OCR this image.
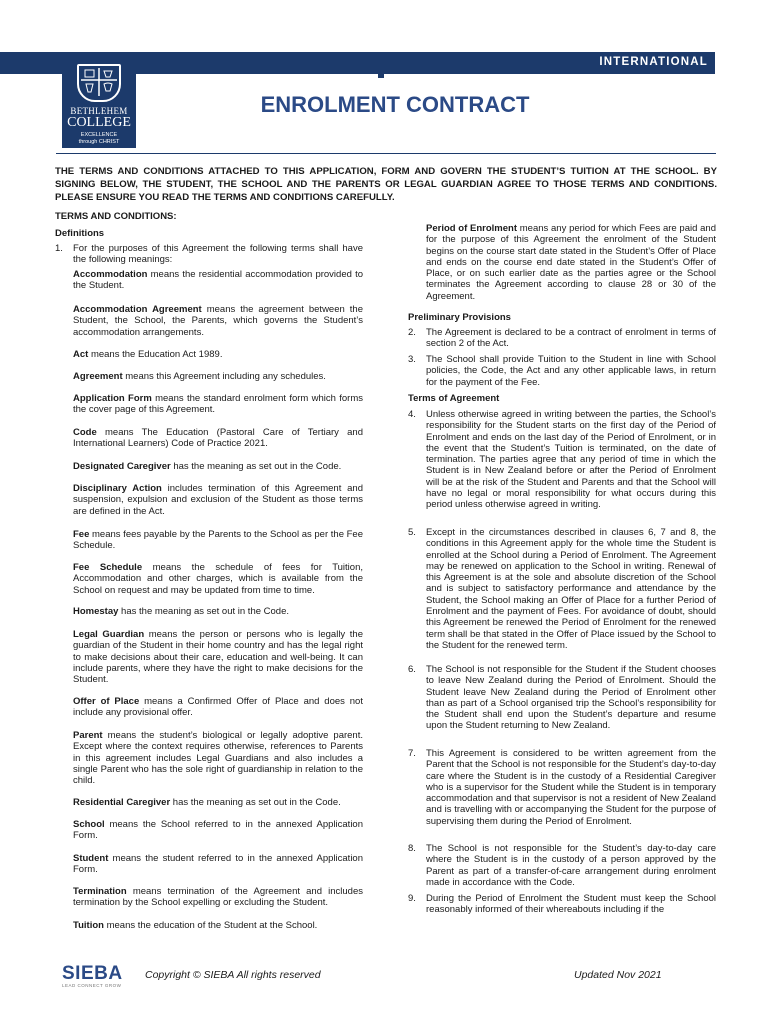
INTERNATIONAL
BETHLEHEM
COLLEGE
EXCELLENCE
through CHRIST
ENROLMENT CONTRACT
THE TERMS AND CONDITIONS ATTACHED TO THIS APPLICATION, FORM AND GOVERN THE STUDENT’S TUITION AT THE SCHOOL. BY SIGNING BELOW, THE STUDENT, THE SCHOOL AND THE PARENTS OR LEGAL GUARDIAN AGREE TO THOSE TERMS AND CONDITIONS. PLEASE ENSURE YOU READ THE TERMS AND CONDITIONS CAREFULLY.
TERMS AND CONDITIONS:
Definitions
1.	For the purposes of this Agreement the following terms shall have the following meanings:

Accommodation means the residential accommodation provided to the Student.

Accommodation Agreement means the agreement between the Student, the School, the Parents, which governs the Student’s accommodation arrangements.

Act means the Education Act 1989.

Agreement means this Agreement including any schedules.

Application Form means the standard enrolment form which forms the cover page of this Agreement.

Code means The Education (Pastoral Care of Tertiary and International Learners) Code of Practice 2021.

Designated Caregiver has the meaning as set out in the Code.

Disciplinary Action includes termination of this Agreement and suspension, expulsion and exclusion of the Student as those terms are defined in the Act.

Fee means fees payable by the Parents to the School as per the Fee Schedule.

Fee Schedule means the schedule of fees for Tuition, Accommodation and other charges, which is available from the School on request and may be updated from time to time.

Homestay has the meaning as set out in the Code.

Legal Guardian means the person or persons who is legally the guardian of the Student in their home country and has the legal right to make decisions about their care, education and well-being. It can include parents, where they have the right to make decisions for the Student.

Offer of Place means a Confirmed Offer of Place and does not include any provisional offer.

Parent means the student’s biological or legally adoptive parent. Except where the context requires otherwise, references to Parents in this agreement includes Legal Guardians and also includes a single Parent who has the sole right of guardianship in relation to the child.

Residential Caregiver has the meaning as set out in the Code.

School means the School referred to in the annexed Application Form.

Student means the student referred to in the annexed Application Form.

Termination means termination of the Agreement and includes termination by the School expelling or excluding the Student.

Tuition means the education of the Student at the School.

Period of Enrolment means any period for which Fees are paid and for the purpose of this Agreement the enrolment of the Student begins on the course start date stated in the Student’s Offer of Place and ends on the course end date stated in the Student’s Offer of Place, or on such earlier date as the parties agree or the School terminates the Agreement according to clause 28 or 30 of the Agreement.

Preliminary Provisions
2.	The Agreement is declared to be a contract of enrolment in terms of section 2 of the Act.
3.	The School shall provide Tuition to the Student in line with School policies, the Code, the Act and any other applicable laws, in return for the payment of the Fee.
Terms of Agreement
4.	Unless otherwise agreed in writing between the parties, the School’s responsibility for the Student starts on the first day of the Period of Enrolment and ends on the last day of the Period of Enrolment, or in the event that the Student’s Tuition is terminated, on the date of termination. The parties agree that any period of time in which the Student is in New Zealand before or after the Period of Enrolment will be at the risk of the Student and Parents and that the School will have no legal or moral responsibility for what occurs during this period unless otherwise agreed in writing.
5.	Except in the circumstances described in clauses 6, 7 and 8, the conditions in this Agreement apply for the whole time the Student is enrolled at the School during a Period of Enrolment. The Agreement may be renewed on application to the School in writing. Renewal of this Agreement is at the sole and absolute discretion of the School and is subject to satisfactory performance and attendance by the Student, the School making an Offer of Place for a further Period of Enrolment and the payment of Fees. For avoidance of doubt, should this Agreement be renewed the Period of Enrolment for the renewed term shall be that stated in the Offer of Place issued by the School to the Student for the renewed term.
6.	The School is not responsible for the Student if the Student chooses to leave New Zealand during the Period of Enrolment. Should the Student leave New Zealand during the Period of Enrolment other than as part of a School organised trip the School’s responsibility for the Student shall end upon the Student’s departure and resume upon the Student returning to New Zealand.
7.	This Agreement is considered to be written agreement from the Parent that the School is not responsible for the Student’s day-to-day care where the Student is in the custody of a Residential Caregiver who is a supervisor for the Student while the Student is in temporary accommodation and that supervisor is not a resident of New Zealand and is travelling with or accompanying the Student for the purpose of supervising them during the Period of Enrolment.
8.	The School is not responsible for the Student’s day-to-day care where the Student is in the custody of a person approved by the Parent as part of a transfer-of-care arrangement during enrolment made in accordance with the Code.
9.	During the Period of Enrolment the Student must keep the School reasonably informed of their whereabouts including if the
SIEBA
LEAD CONNECT GROW
Copyright © SIEBA All rights reserved	Updated Nov 2021
